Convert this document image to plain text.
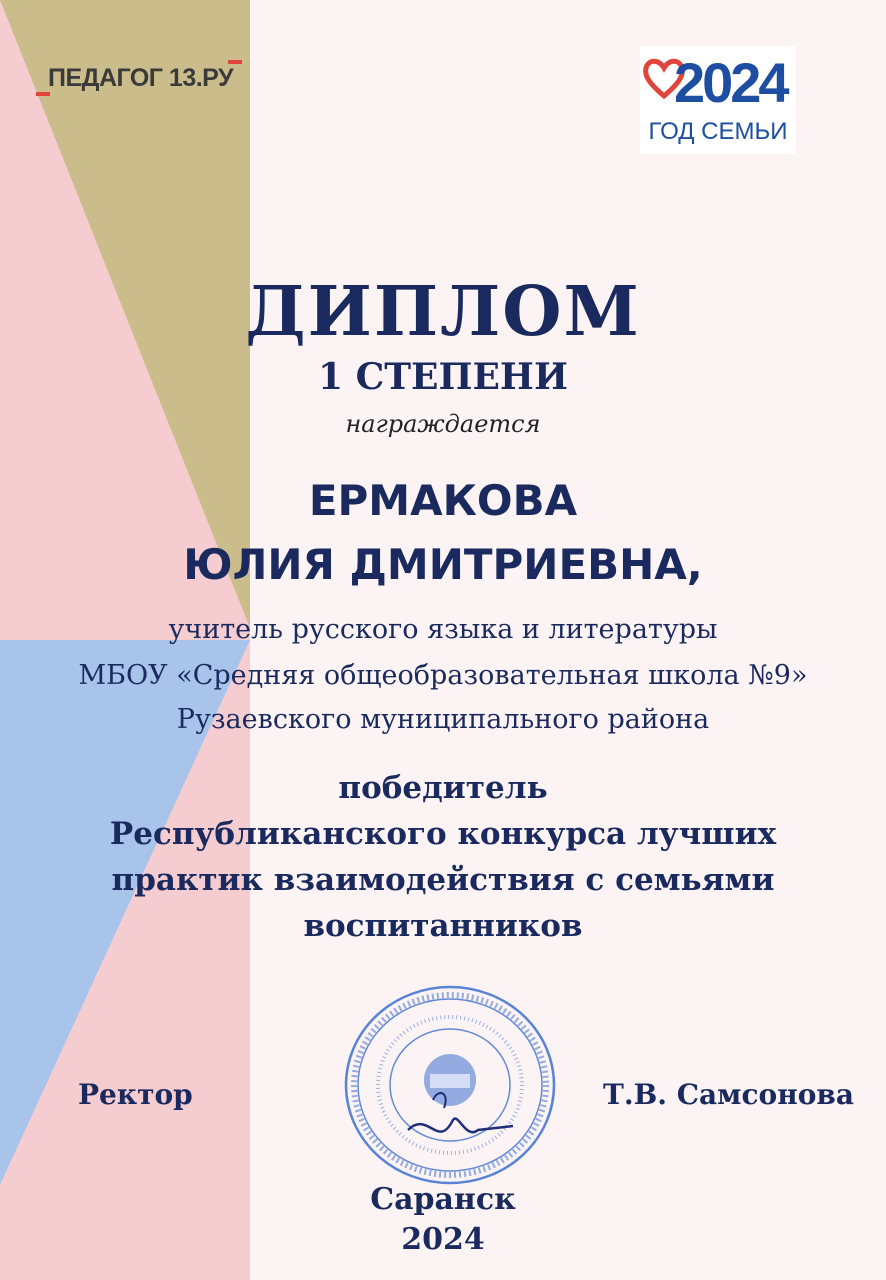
ПЕДАГОГ 13.РУ	2024
ГОД СЕМЬИ
ДИПЛОМ
1 СТЕПЕНИ
награждается
ЕРМАКОВА
ЮЛИЯ ДМИТРИЕВНА,
учитель русского языка и литературы
МБОУ «Средняя общеобразовательная школа №9»
Рузаевского муниципального района
победитель
Республиканского конкурса лучших
практик взаимодействия с семьями
воспитанников
Ректор	Т.В. Самсонова
Саранск
2024
